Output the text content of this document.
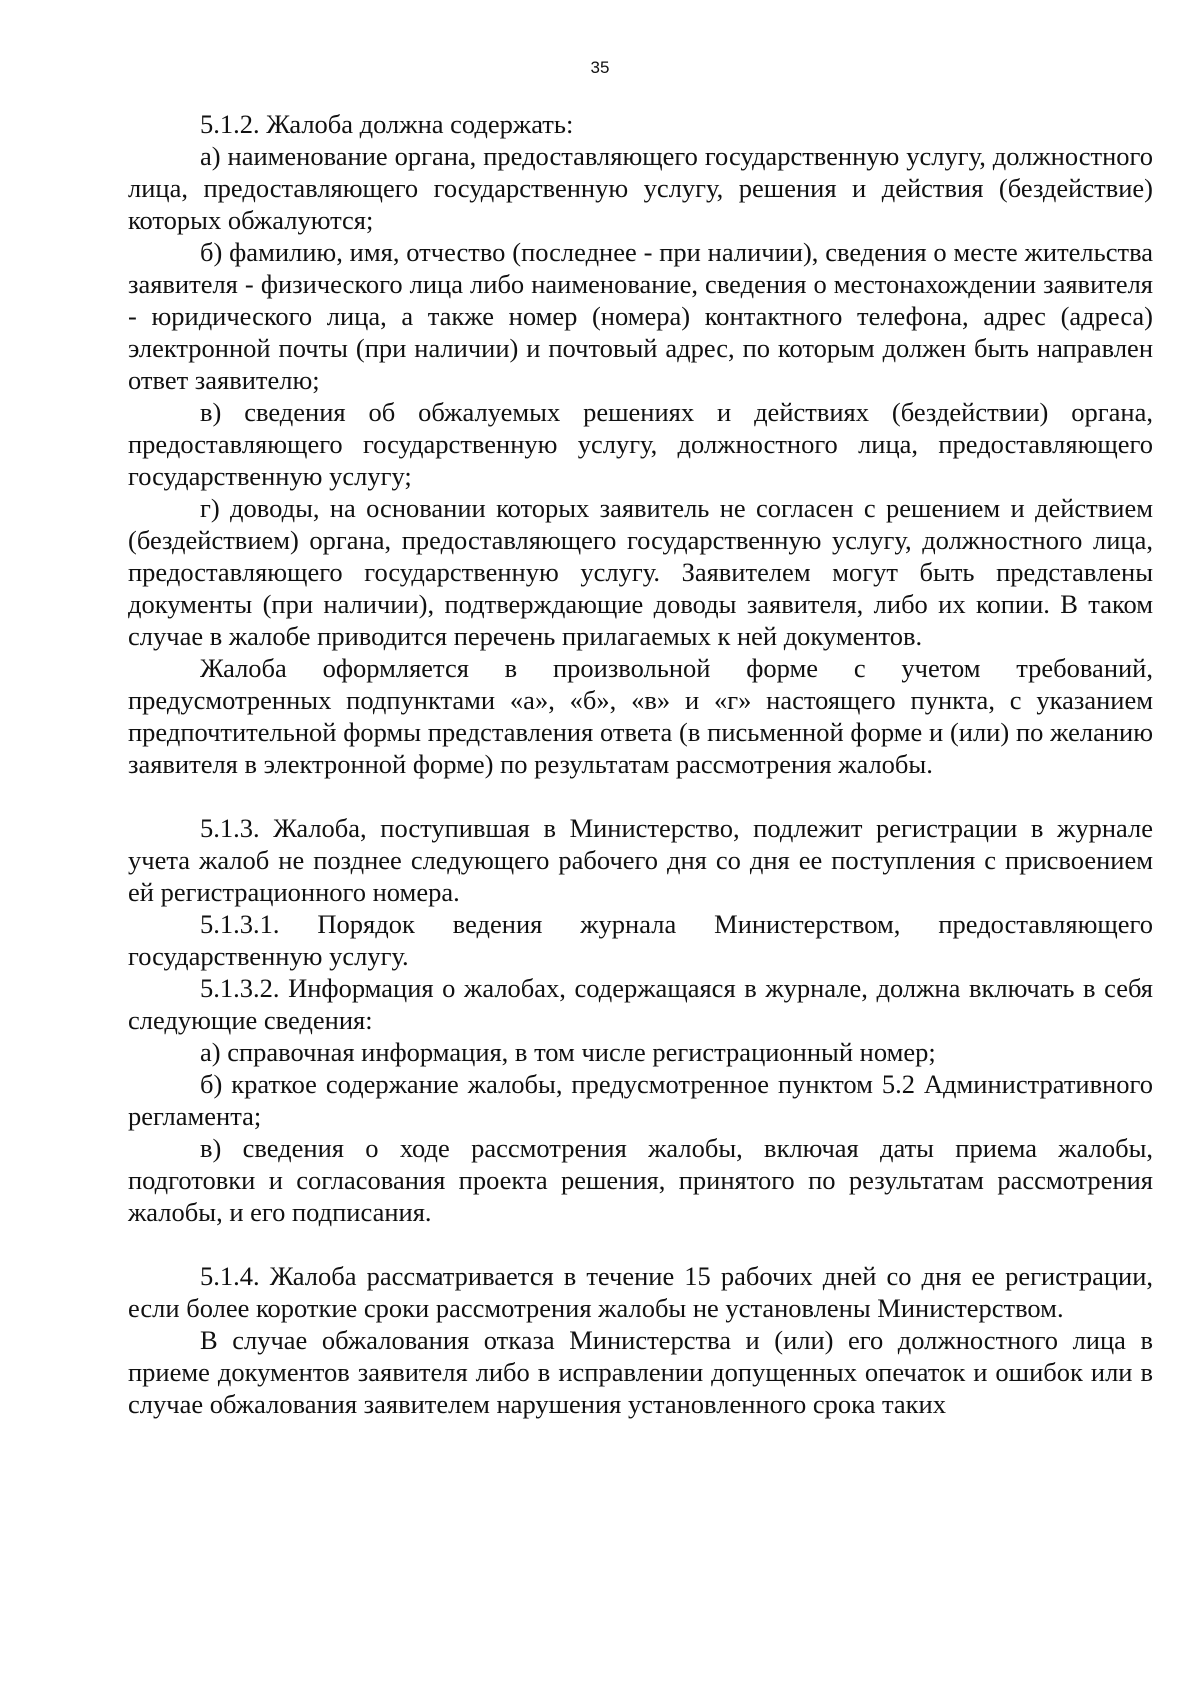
35

5.1.2. Жалоба должна содержать:

а) наименование органа, предоставляющего государственную услугу, должностного лица, предоставляющего государственную услугу, решения и действия (бездействие) которых обжалуются;

б) фамилию, имя, отчество (последнее - при наличии), сведения о месте жительства заявителя - физического лица либо наименование, сведения о местонахождении заявителя - юридического лица, а также номер (номера) контактного телефона, адрес (адреса) электронной почты (при наличии) и почтовый адрес, по которым должен быть направлен ответ заявителю;

в) сведения об обжалуемых решениях и действиях (бездействии) органа, предоставляющего государственную услугу, должностного лица, предоставляющего государственную услугу;

г) доводы, на основании которых заявитель не согласен с решением и действием (бездействием) органа, предоставляющего государственную услугу, должностного лица, предоставляющего государственную услугу. Заявителем могут быть представлены документы (при наличии), подтверждающие доводы заявителя, либо их копии. В таком случае в жалобе приводится перечень прилагаемых к ней документов.

Жалоба оформляется в произвольной форме с учетом требований, предусмотренных подпунктами «а», «б», «в» и «г» настоящего пункта, с указанием предпочтительной формы представления ответа (в письменной форме и (или) по желанию заявителя в электронной форме) по результатам рассмотрения жалобы.

5.1.3. Жалоба, поступившая в Министерство, подлежит регистрации в журнале учета жалоб не позднее следующего рабочего дня со дня ее поступления с присвоением ей регистрационного номера.

5.1.3.1. Порядок ведения журнала Министерством, предоставляющего государственную услугу.

5.1.3.2. Информация о жалобах, содержащаяся в журнале, должна включать в себя следующие сведения:

а) справочная информация, в том числе регистрационный номер;

б) краткое содержание жалобы, предусмотренное пунктом 5.2 Административного регламента;

в) сведения о ходе рассмотрения жалобы, включая даты приема жалобы, подготовки и согласования проекта решения, принятого по результатам рассмотрения жалобы, и его подписания.

5.1.4. Жалоба рассматривается в течение 15 рабочих дней со дня ее регистрации, если более короткие сроки рассмотрения жалобы не установлены Министерством.

В случае обжалования отказа Министерства и (или) его должностного лица в приеме документов заявителя либо в исправлении допущенных опечаток и ошибок или в случае обжалования заявителем нарушения установленного срока таких
